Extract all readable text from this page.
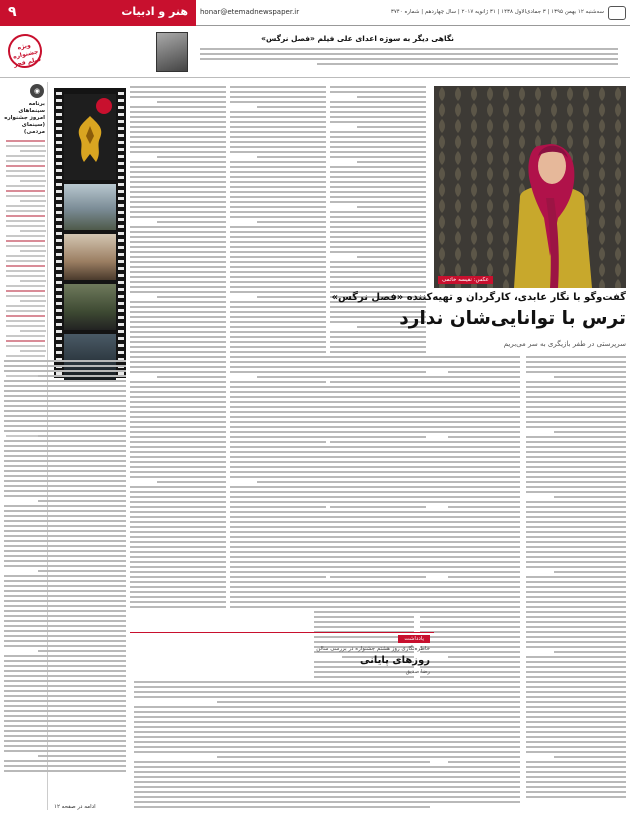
۹	هنر و ادبیات honar@etemadnewspaper.ir	سه‌شنبه ۱۲ بهمن ۱۳۹۵ | ۳ جمادی‌الاول ۱۴۳۸ | ۳۱ ژانویه ۲۰۱۷ | سال چهاردهم | شماره ۳۷۴۰
ویژه جشنواره فیلم فجر
نگاهی دیگر به سوژه اعدای علی فیلم «فصل نرگس»
◉
برنامه سینما‌های امروز جشنواره (سینمای مردمی)
عکس: نفیسه خاتمی
گفت‌وگو با نگار عابدی، کارگردان و تهیه‌کننده «فصل نرگس»
ترس با توانایی‌شان ندارد
سرپرستی در طفر بازیگری به سر می‌بریم
یادداشت
خاطره‌نگاری روز هشتم جشنواره در بررسی سالن
روزهای پایانی
رضا صدیق
ادامه در صفحه ۱۲
